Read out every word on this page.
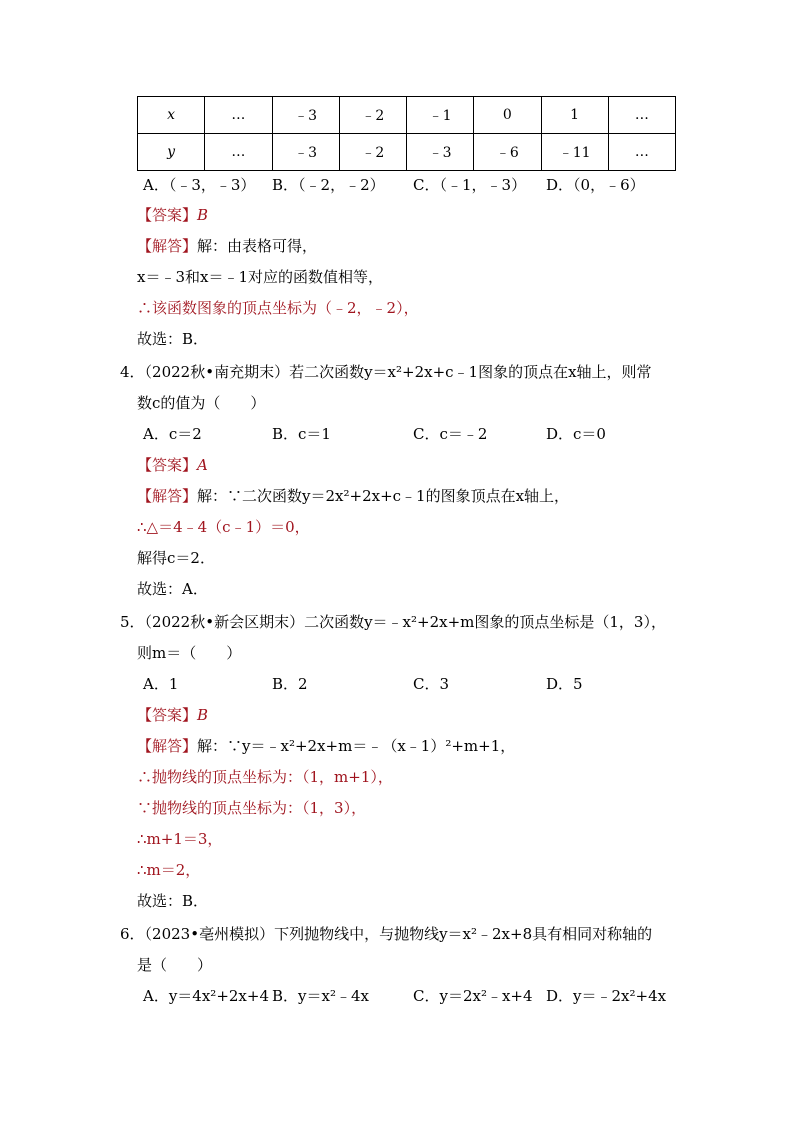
x	…	﹣3	﹣2	﹣1	0	1	…
y	…	﹣3	﹣2	﹣3	﹣6	﹣11	…
A．（﹣3，﹣3） B．（﹣2，﹣2） C．（﹣1，﹣3） D．（0，﹣6）
【答案】B
【解答】解：由表格可得，
x＝﹣3和x＝﹣1对应的函数值相等，
∴该函数图象的顶点坐标为（﹣2，﹣2），
故选：B．
4．（2022秋•南充期末）若二次函数y＝x²+2x+c﹣1图象的顶点在x轴上，则常
数c的值为（　　）
A．c＝2	B．c＝1	C．c＝﹣2	D．c＝0
【答案】A
【解答】解：∵二次函数y＝2x²+2x+c﹣1的图象顶点在x轴上，
∴△＝4﹣4（c﹣1）＝0，
解得c＝2．
故选：A．
5．（2022秋•新会区期末）二次函数y＝﹣x²+2x+m图象的顶点坐标是（1，3），
则m＝（　　）
A．1	B．2	C．3	D．5
【答案】B
【解答】解：∵y＝﹣x²+2x+m＝﹣（x﹣1）²+m+1，
∴抛物线的顶点坐标为：（1，m+1），
∵抛物线的顶点坐标为：（1，3），
∴m+1＝3，
∴m＝2，
故选：B．
6．（2023•亳州模拟）下列抛物线中，与抛物线y＝x²﹣2x+8具有相同对称轴的
是（　　）
A．y＝4x²+2x+4 B．y＝x²﹣4x	C．y＝2x²﹣x+4 D．y＝﹣2x²+4x
